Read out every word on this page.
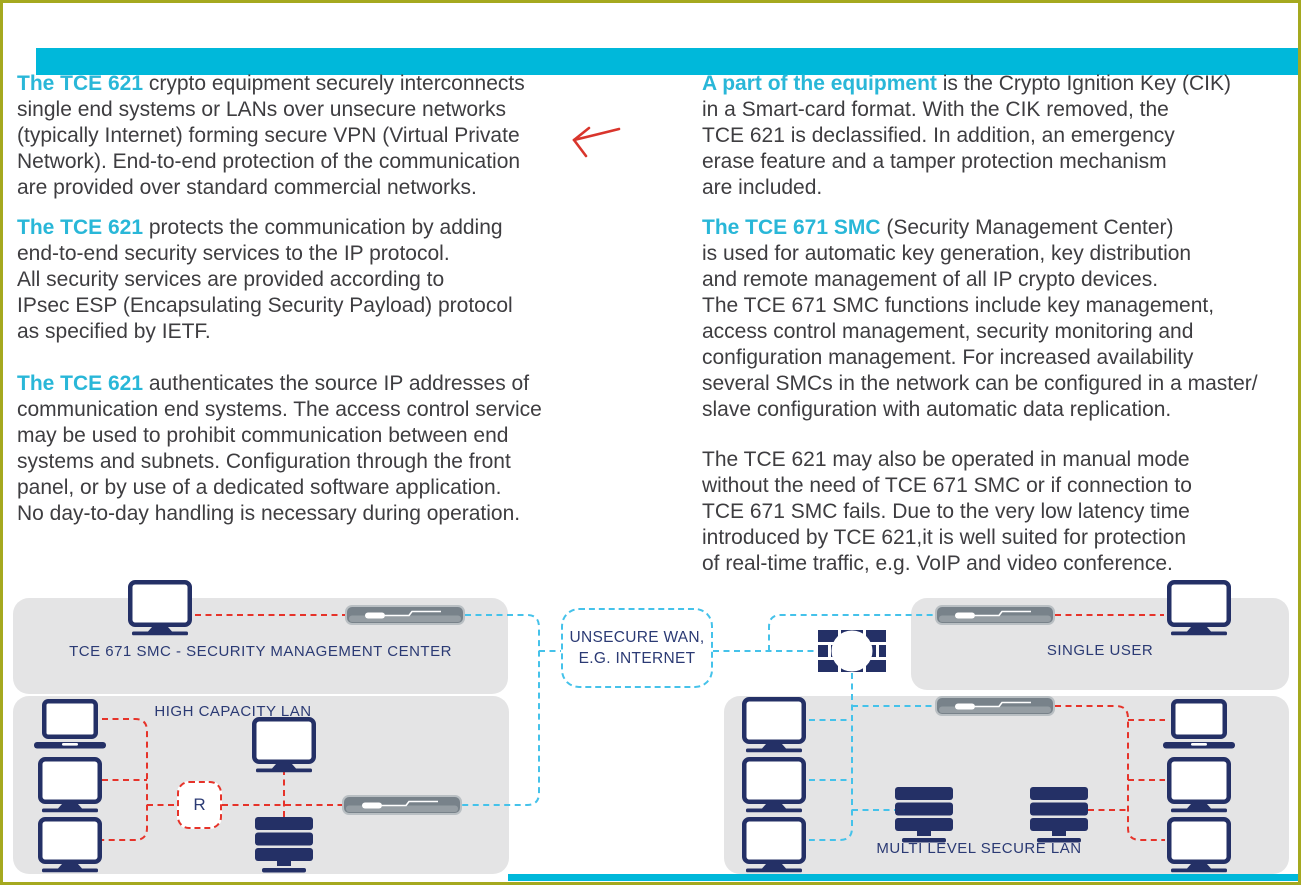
The TCE 621 crypto equipment securely interconnects
single end systems or LANs over unsecure networks
(typically Internet) forming secure VPN (Virtual Private
Network). End-to-end protection of the communication
are provided over standard commercial networks.
The TCE 621 protects the communication by adding
end-to-end security services to the IP protocol.
All security services are provided according to
IPsec ESP (Encapsulating Security Payload) protocol
as specified by IETF.
The TCE 621 authenticates the source IP addresses of
communication end systems. The access control service
may be used to prohibit communication between end
systems and subnets. Configuration through the front
panel, or by use of a dedicated software application.
No day-to-day handling is necessary during operation.
A part of the equipment is the Crypto Ignition Key (CIK)
in a Smart-card format. With the CIK removed, the
TCE 621 is declassified. In addition, an emergency
erase feature and a tamper protection mechanism
are included.
The TCE 671 SMC (Security Management Center)
is used for automatic key generation, key distribution
and remote management of all IP crypto devices.
The TCE 671 SMC functions include key management,
access control management, security monitoring and
configuration management. For increased availability
several SMCs in the network can be configured in a master/
slave configuration with automatic data replication.
The TCE 621 may also be operated in manual mode
without the need of TCE 671 SMC or if connection to
TCE 671 SMC fails. Due to the very low latency time
introduced by TCE 621,it is well suited for protection
of real-time traffic, e.g. VoIP and video conference.
UNSECURE WAN,
E.G. INTERNET
R
TCE 671 SMC - SECURITY MANAGEMENT CENTER	SINGLE USER
HIGH CAPACITY LAN
MULTI LEVEL SECURE LAN
